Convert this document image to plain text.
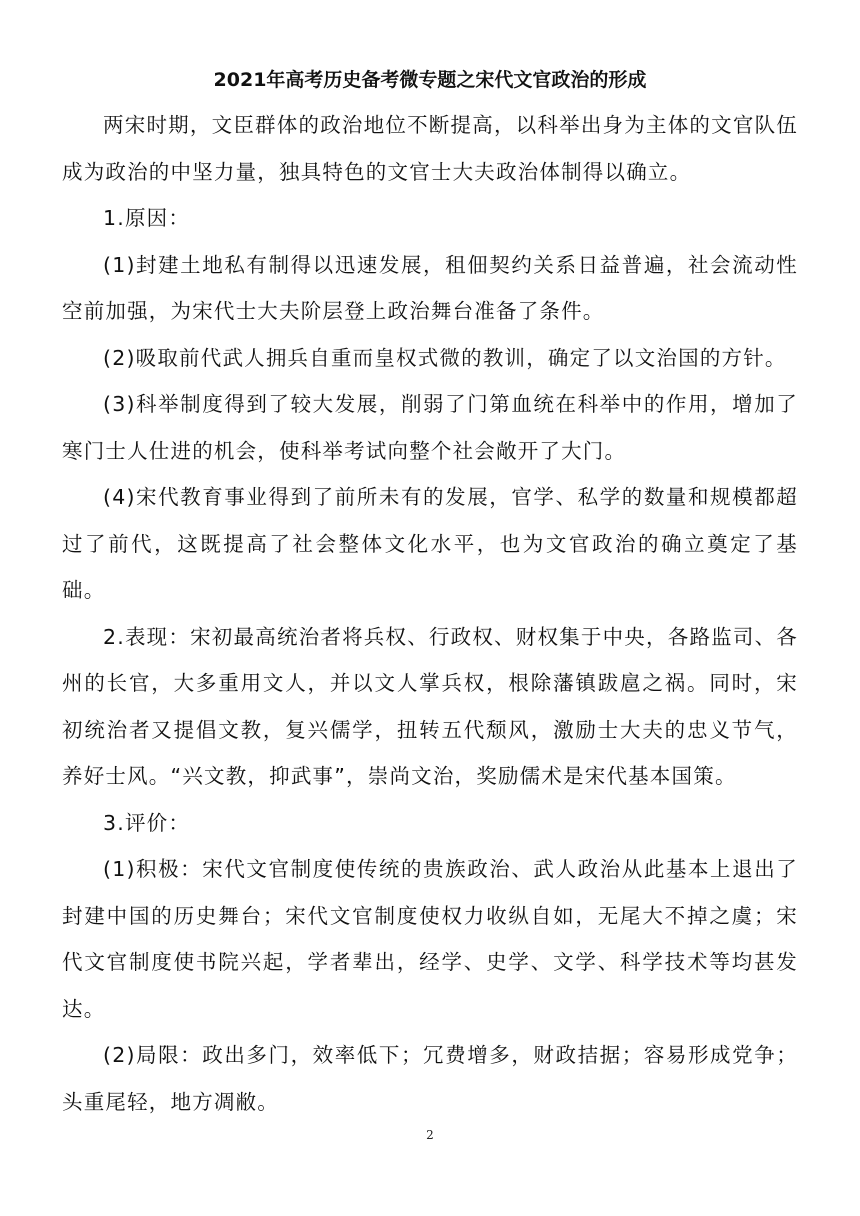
2021年高考历史备考微专题之宋代文官政治的形成

两宋时期，文臣群体的政治地位不断提高，以科举出身为主体的文官队伍成为政治的中坚力量，独具特色的文官士大夫政治体制得以确立。

1.原因：

(1)封建土地私有制得以迅速发展，租佃契约关系日益普遍，社会流动性空前加强，为宋代士大夫阶层登上政治舞台准备了条件。

(2)吸取前代武人拥兵自重而皇权式微的教训，确定了以文治国的方针。

(3)科举制度得到了较大发展，削弱了门第血统在科举中的作用，增加了寒门士人仕进的机会，使科举考试向整个社会敞开了大门。

(4)宋代教育事业得到了前所未有的发展，官学、私学的数量和规模都超过了前代，这既提高了社会整体文化水平，也为文官政治的确立奠定了基础。

2.表现：宋初最高统治者将兵权、行政权、财权集于中央，各路监司、各州的长官，大多重用文人，并以文人掌兵权，根除藩镇跋扈之祸。同时，宋初统治者又提倡文教，复兴儒学，扭转五代颓风，激励士大夫的忠义节气，养好士风。“兴文教，抑武事”，崇尚文治，奖励儒术是宋代基本国策。

3.评价：

(1)积极：宋代文官制度使传统的贵族政治、武人政治从此基本上退出了封建中国的历史舞台；宋代文官制度使权力收纵自如，无尾大不掉之虞；宋代文官制度使书院兴起，学者辈出，经学、史学、文学、科学技术等均甚发达。

(2)局限：政出多门，效率低下；冗费增多，财政拮据；容易形成党争；头重尾轻，地方凋敝。

2
